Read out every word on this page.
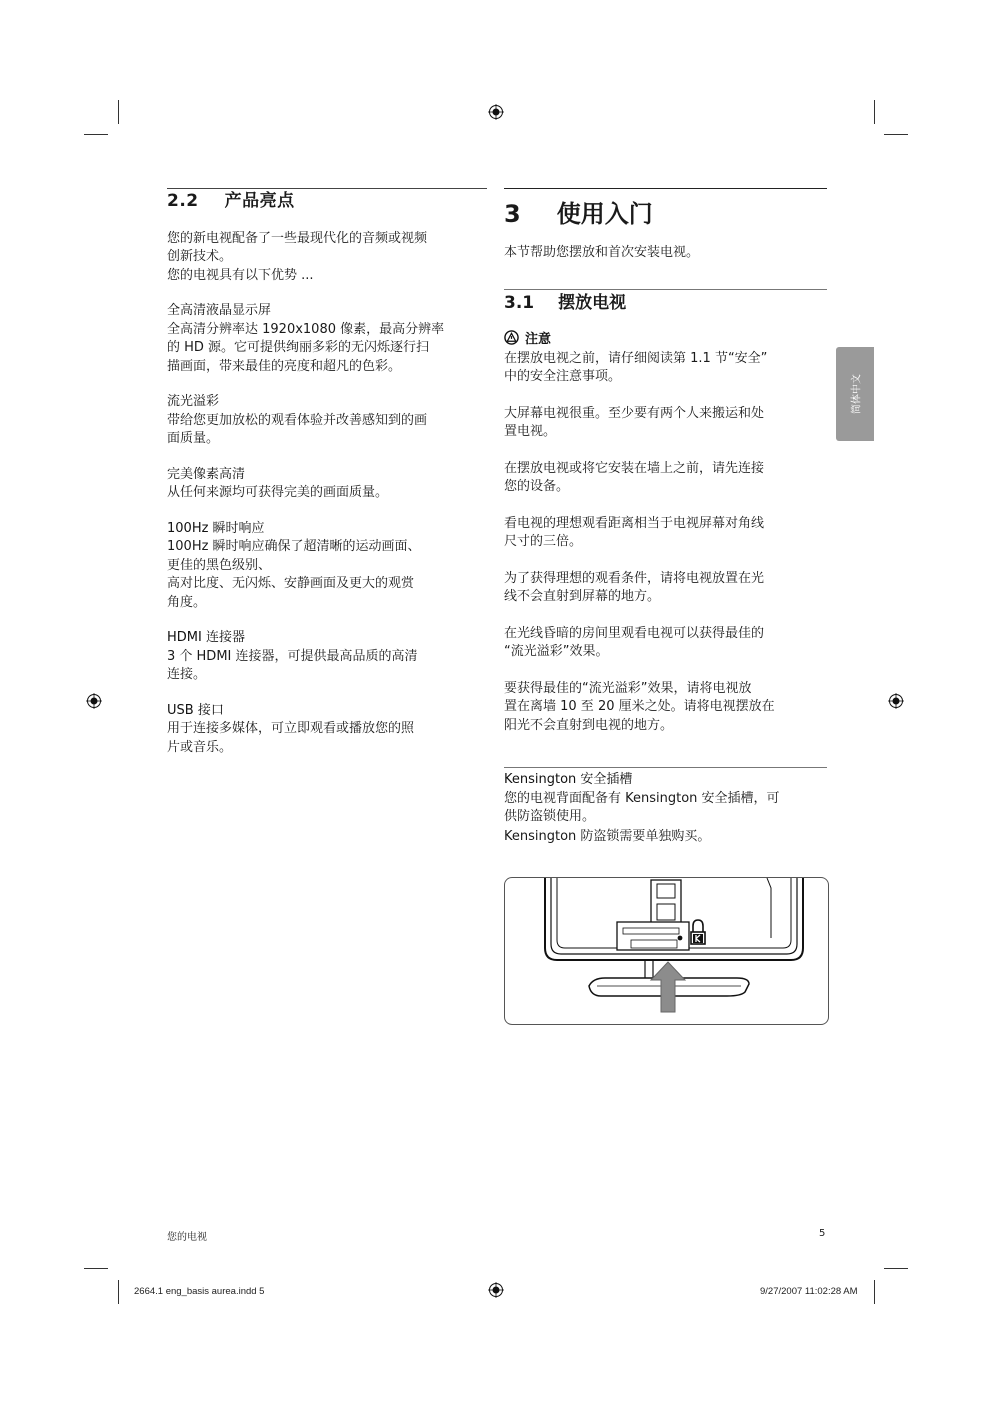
2.2 产品亮点

您的新电视配备了一些最现代化的音频或视频

创新技术。

您的电视具有以下优势 ...

全高清液晶显示屏

全高清分辨率达 1920x1080 像素，最高分辨率

的 HD 源。它可提供绚丽多彩的无闪烁逐行扫

描画面，带来最佳的亮度和超凡的色彩。

流光溢彩

带给您更加放松的观看体验并改善感知到的画

面质量。

完美像素高清

从任何来源均可获得完美的画面质量。

100Hz 瞬时响应

100Hz 瞬时响应确保了超清晰的运动画面、

更佳的黑色级别、

高对比度、无闪烁、安静画面及更大的观赏

角度。

HDMI 连接器

3 个 HDMI 连接器，可提供最高品质的高清

连接。

USB 接口

用于连接多媒体，可立即观看或播放您的照

片或音乐。

3 使用入门

本节帮助您摆放和首次安装电视。

3.1 摆放电视

注意

在摆放电视之前，请仔细阅读第 1.1 节“安全”

中的安全注意事项。

大屏幕电视很重。至少要有两个人来搬运和处

置电视。

在摆放电视或将它安装在墙上之前，请先连接

您的设备。

看电视的理想观看距离相当于电视屏幕对角线

尺寸的三倍。

为了获得理想的观看条件，请将电视放置在光

线不会直射到屏幕的地方。

在光线昏暗的房间里观看电视可以获得最佳的

“流光溢彩”效果。

要获得最佳的“流光溢彩”效果，请将电视放

置在离墙 10 至 20 厘米之处。请将电视摆放在

阳光不会直射到电视的地方。

Kensington 安全插槽

您的电视背面配备有 Kensington 安全插槽，可

供防盗锁使用。

Kensington 防盗锁需要单独购买。

简体中文
您的电视	5
2664.1 eng_basis aurea.indd 5	9/27/2007 11:02:28 AM
